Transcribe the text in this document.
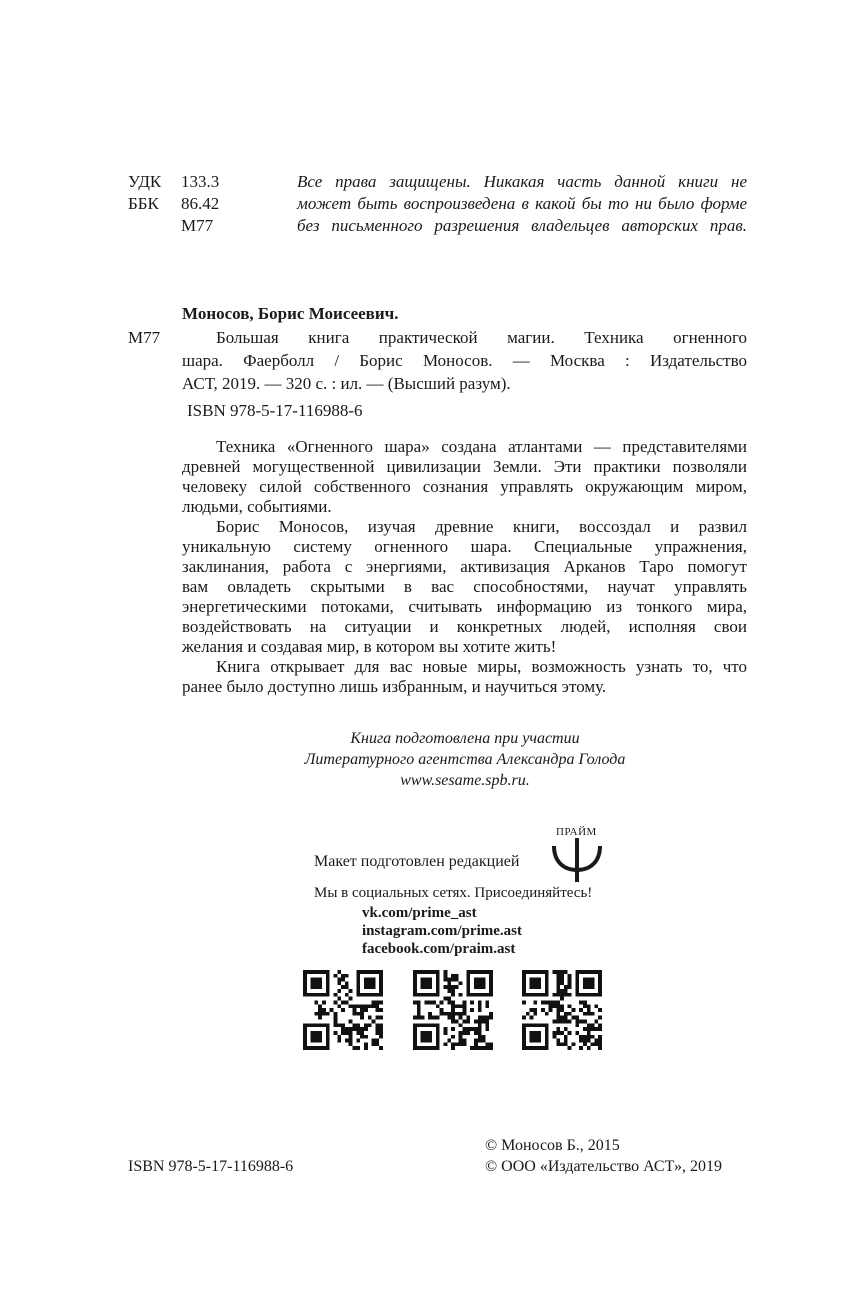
УДК	133.3
ББК	86.42
М77
Все права защищены. Никакая часть данной книги не
может быть воспроизведена в какой бы то ни было форме
без письменного разрешения владельцев авторских прав.
Моносов, Борис Моисеевич.
М77	Большая книга практической магии. Техника огненного
шара. Фаерболл / Борис Моносов. — Москва : Издательство
АСТ, 2019. — 320 с. : ил. — (Высший разум).
ISBN 978-5-17-116988-6
Техника «Огненного шара» создана атлантами — представителями
древней могущественной цивилизации Земли. Эти практики позволяли
человеку силой собственного сознания управлять окружающим миром,
людьми, событиями.
Борис Моносов, изучая древние книги, воссоздал и развил
уникальную систему огненного шара. Специальные упражнения,
заклинания, работа с энергиями, активизация Арканов Таро помогут
вам овладеть скрытыми в вас способностями, научат управлять
энергетическими потоками, считывать информацию из тонкого мира,
воздействовать на ситуации и конкретных людей, исполняя свои
желания и создавая мир, в котором вы хотите жить!
Книга открывает для вас новые миры, возможность узнать то, что
ранее было доступно лишь избранным, и научиться этому.
Книга подготовлена при участии
Литературного агентства Александра Голода
www.sesame.spb.ru.
Макет подготовлен редакцией
ПРАЙМ
Мы в социальных сетях. Присоединяйтесь!
vk.com/prime_ast
instagram.com/prime.ast
facebook.com/praim.ast
ISBN 978-5-17-116988-6
© Моносов Б., 2015
© ООО «Издательство АСТ», 2019
